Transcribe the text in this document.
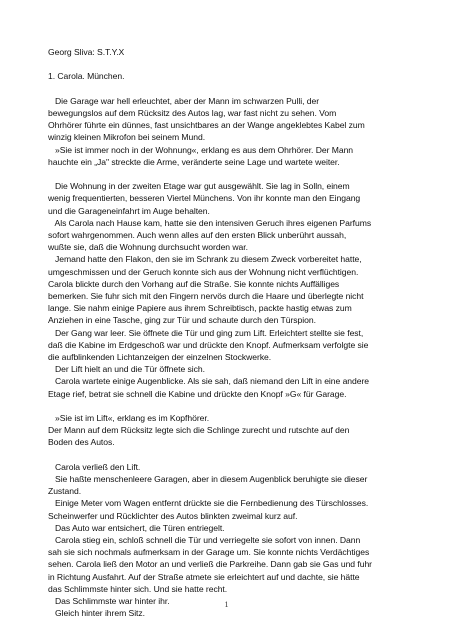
Georg Sliva: S.T.Y.X

1. Carola. München.

Die Garage war hell erleuchtet, aber der Mann im schwarzen Pulli, der

bewegungslos auf dem Rücksitz des Autos lag, war fast nicht zu sehen. Vom

Ohrhörer führte ein dünnes, fast unsichtbares an der Wange angeklebtes Kabel zum

winzig kleinen Mikrofon bei seinem Mund.

»Sie ist immer noch in der Wohnung«, erklang es aus dem Ohrhörer. Der Mann

hauchte ein „Ja" streckte die Arme, veränderte seine Lage und wartete weiter.

Die Wohnung in der zweiten Etage war gut ausgewählt. Sie lag in Solln, einem

wenig frequentierten, besseren Viertel Münchens. Von ihr konnte man den Eingang

und die Garageneinfahrt im Auge behalten.

Als Carola nach Hause kam, hatte sie den intensiven Geruch ihres eigenen Parfums

sofort wahrgenommen. Auch wenn alles auf den ersten Blick unberührt aussah,

wußte sie, daß die Wohnung durchsucht worden war.

Jemand hatte den Flakon, den sie im Schrank zu diesem Zweck vorbereitet hatte,

umgeschmissen und der Geruch konnte sich aus der Wohnung nicht verflüchtigen.

Carola blickte durch den Vorhang auf die Straße. Sie konnte nichts Auffälliges

bemerken. Sie fuhr sich mit den Fingern nervös durch die Haare und überlegte nicht

lange. Sie nahm einige Papiere aus ihrem Schreibtisch, packte hastig etwas zum

Anziehen in eine Tasche, ging zur Tür und schaute durch den Türspion.

Der Gang war leer. Sie öffnete die Tür und ging zum Lift. Erleichtert stellte sie fest,

daß die Kabine im Erdgeschoß war und drückte den Knopf. Aufmerksam verfolgte sie

die aufblinkenden Lichtanzeigen der einzelnen Stockwerke.

Der Lift hielt an und die Tür öffnete sich.

Carola wartete einige Augenblicke. Als sie sah, daß niemand den Lift in eine andere

Etage rief, betrat sie schnell die Kabine und drückte den Knopf »G« für Garage.

»Sie ist im Lift«, erklang es im Kopfhörer.

Der Mann auf dem Rücksitz legte sich die Schlinge zurecht und rutschte auf den

Boden des Autos.

Carola verließ den Lift.

Sie haßte menschenleere Garagen, aber in diesem Augenblick beruhigte sie dieser

Zustand.

Einige Meter vom Wagen entfernt drückte sie die Fernbedienung des Türschlosses.

Scheinwerfer und Rücklichter des Autos blinkten zweimal kurz auf.

Das Auto war entsichert, die Türen entriegelt.

Carola stieg ein, schloß schnell die Tür und verriegelte sie sofort von innen. Dann

sah sie sich nochmals aufmerksam in der Garage um. Sie konnte nichts Verdächtiges

sehen. Carola ließ den Motor an und verließ die Parkreihe. Dann gab sie Gas und fuhr

in Richtung Ausfahrt. Auf der Straße atmete sie erleichtert auf und dachte, sie hätte

das Schlimmste hinter sich. Und sie hatte recht.

Das Schlimmste war hinter ihr.

Gleich hinter ihrem Sitz.

1
